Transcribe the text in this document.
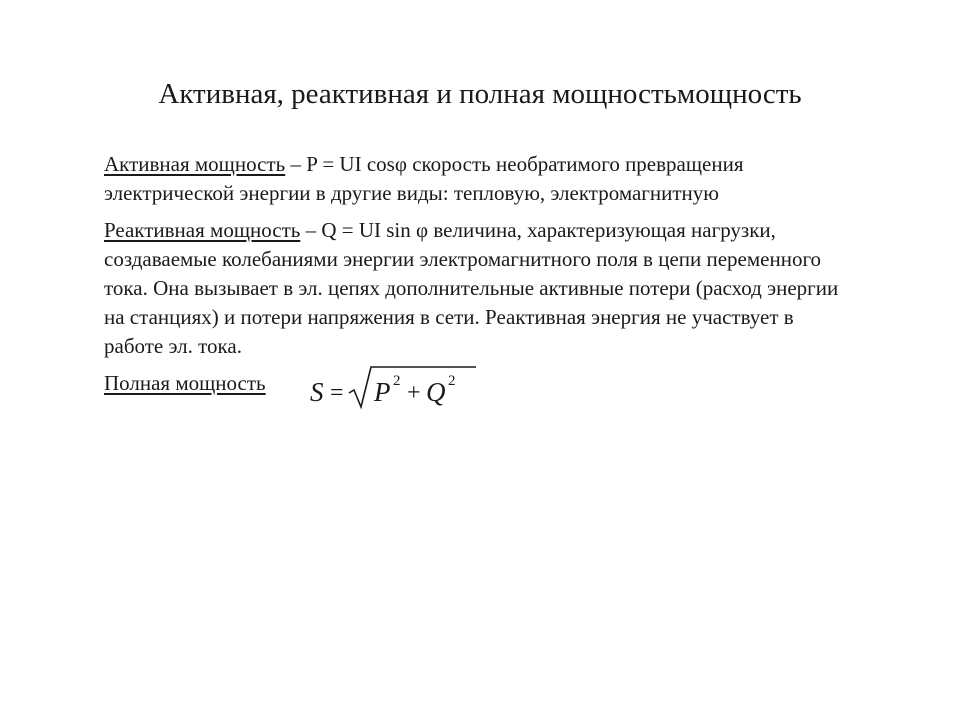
Активная, реактивная и полная мощностьмощность

Активная мощность – P = UI cosφ скорость необратимого превращения электрической энергии в другие виды: тепловую, электромагнитную

Реактивная мощность – Q = UI sin φ величина, характеризующая нагрузки, создаваемые колебаниями энергии электромагнитного поля в цепи переменного тока. Она вызывает в эл. цепях дополнительные активные потери (расход энергии на станциях) и потери напряжения в сети. Реактивная энергия не участвует в работе эл. тока.

Полная мощность S = P 2 + Q 2
